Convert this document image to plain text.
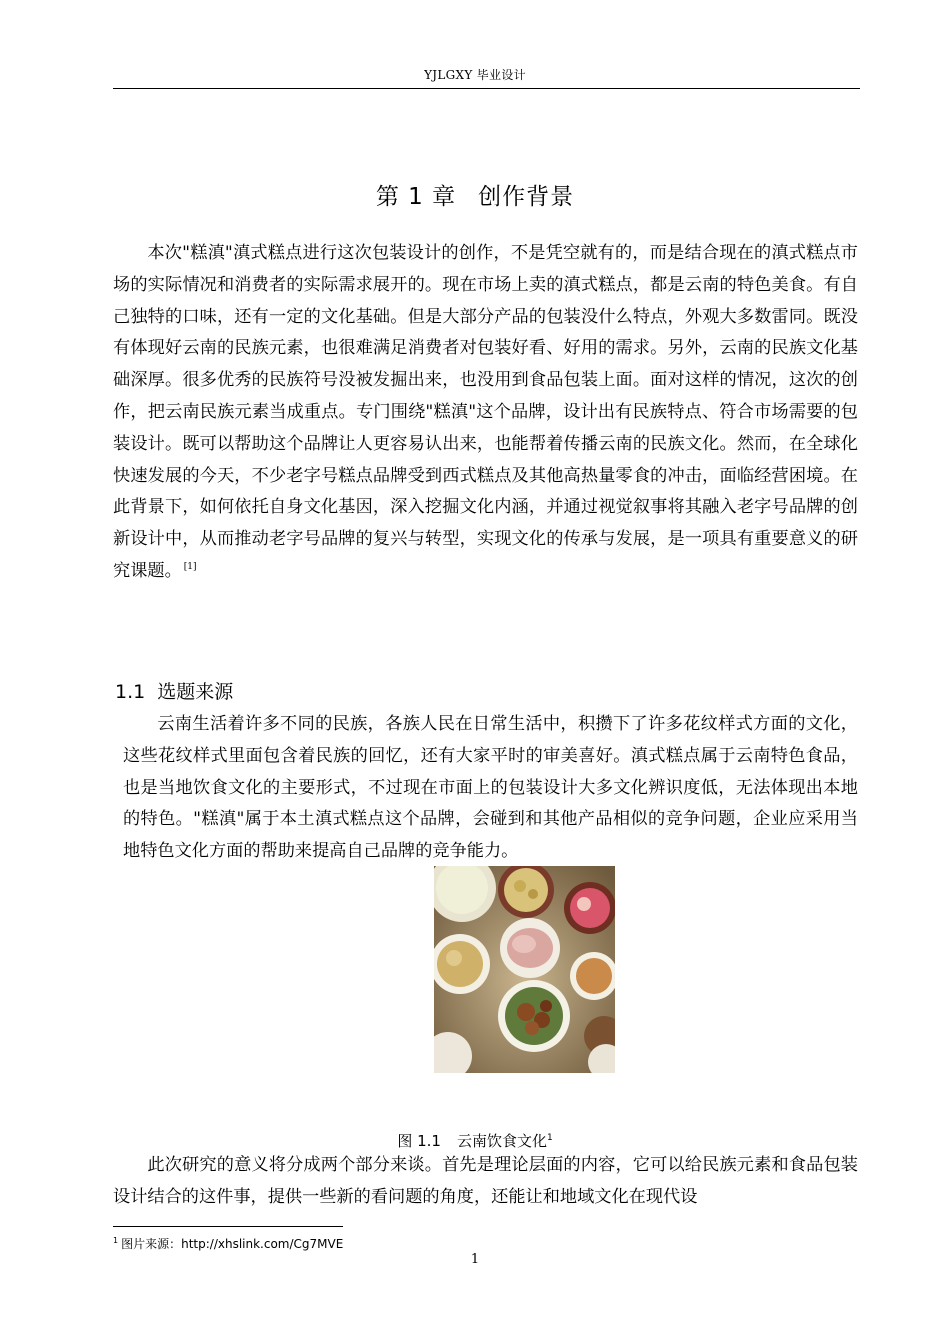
YJLGXY 毕业设计
第 1 章 创作背景

本次"糕滇"滇式糕点进行这次包装设计的创作，不是凭空就有的，而是结合现在的滇式糕点市场的实际情况和消费者的实际需求展开的。现在市场上卖的滇式糕点，都是云南的特色美食。有自己独特的口味，还有一定的文化基础。但是大部分产品的包装没什么特点，外观大多数雷同。既没有体现好云南的民族元素，也很难满足消费者对包装好看、好用的需求。另外，云南的民族文化基础深厚。很多优秀的民族符号没被发掘出来，也没用到食品包装上面。面对这样的情况，这次的创作，把云南民族元素当成重点。专门围绕"糕滇"这个品牌，设计出有民族特点、符合市场需要的包装设计。既可以帮助这个品牌让人更容易认出来，也能帮着传播云南的民族文化。然而，在全球化快速发展的今天，不少老字号糕点品牌受到西式糕点及其他高热量零食的冲击，面临经营困境。在此背景下，如何依托自身文化基因，深入挖掘文化内涵，并通过视觉叙事将其融入老字号品牌的创新设计中，从而推动老字号品牌的复兴与转型，实现文化的传承与发展，是一项具有重要意义的研究课题。 [1]

1.1 选题来源

云南生活着许多不同的民族，各族人民在日常生活中，积攒下了许多花纹样式方面的文化，这些花纹样式里面包含着民族的回忆，还有大家平时的审美喜好。滇式糕点属于云南特色食品，也是当地饮食文化的主要形式，不过现在市面上的包装设计大多文化辨识度低，无法体现出本地的特色。"糕滇"属于本土滇式糕点这个品牌，会碰到和其他产品相似的竞争问题，企业应采用当地特色文化方面的帮助来提高自己品牌的竞争能力。

图 1.1 云南饮食文化$^1$

此次研究的意义将分成两个部分来谈。首先是理论层面的内容，它可以给民族元素和食品包装设计结合的这件事，提供一些新的看问题的角度，还能让和地域文化在现代设

$^1$ 图片来源：http://xhslink.com/Cg7MVE
1
